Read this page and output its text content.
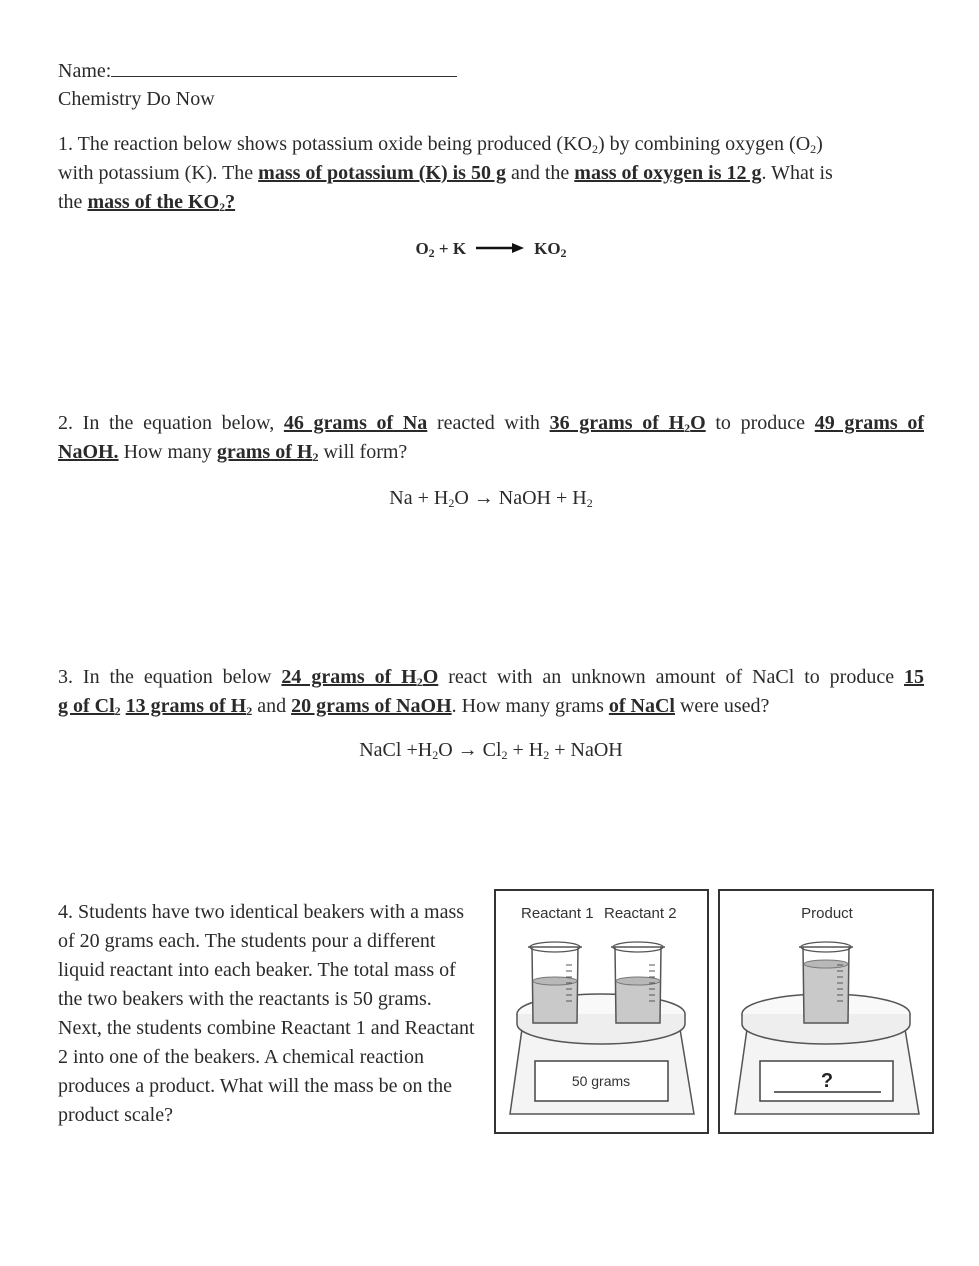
Name:
Chemistry Do Now
1. The reaction below shows potassium oxide being produced $(KO_2)$ by combining oxygen $(O_2)$
with potassium (K). The mass of potassium (K) is 50 g and the mass of oxygen is 12 g. What is
the mass of the $KO_2$?
$O_2 + K \to KO_2$
2. In the equation below, 46 grams of Na reacted with 36 grams of $H_2O$ to produce 49 grams of
NaOH. How many grams of $H_2$ will form?
$Na + H_2O$ → NaOH + $H_2$
3. In the equation below 24 grams of $H_2O$ react with an unknown amount of NaCl to produce 15
g of $Cl_2$ 13 grams of $H_2$ and 20 grams of NaOH. How many grams of NaCl were used?
NaCl $+H_2O \to Cl_2 + H_2$ + NaOH
4. Students have two identical beakers with a mass of 20 grams each. The students pour a different liquid reactant into each beaker. The total mass of the two beakers with the reactants is 50 grams. Next, the students combine Reactant 1 and Reactant 2 into one of the beakers. A chemical reaction produces a product. What will the mass be on the product scale?
Reactant 1 Reactant 2
50 grams
Product
?
